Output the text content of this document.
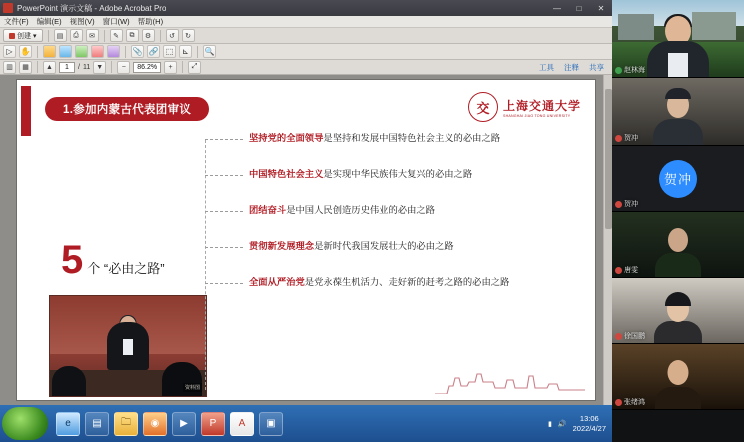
PowerPoint 演示文稿 - Adobe Acrobat Pro	—	□	✕
文件(F) 编辑(E) 视图(V) 窗口(W) 帮助(H)
创建 ▾	▤	⎙	✉	✎	⧉	⚙	↺	↻
▷ ✋	📎 🔗 ⬚	⊾	🔍
▥	▦	▲	1	/ 11 ▼	−	86.2%	+	⤢	工具 注释 共享
1.参加内蒙古代表团审议	交	上海交通大学
SHANGHAI JIAO TONG UNIVERSITY
5 个 “必由之路”
资料图
坚持党的全面领导是坚持和发展中国特色社会主义的必由之路
中国特色社会主义是实现中华民族伟大复兴的必由之路
团结奋斗是中国人民创造历史伟业的必由之路
贯彻新发展理念是新时代我国发展壮大的必由之路
全面从严治党是党永葆生机活力、走好新的赶考之路的必由之路
e	▤	🗀	◉	▶	P	A	▣	▮ 🔊
13:06
2022/4/27
赵林海
贺冲
贺冲
贺冲
唐雯
徐国鹏
张绪鸿
